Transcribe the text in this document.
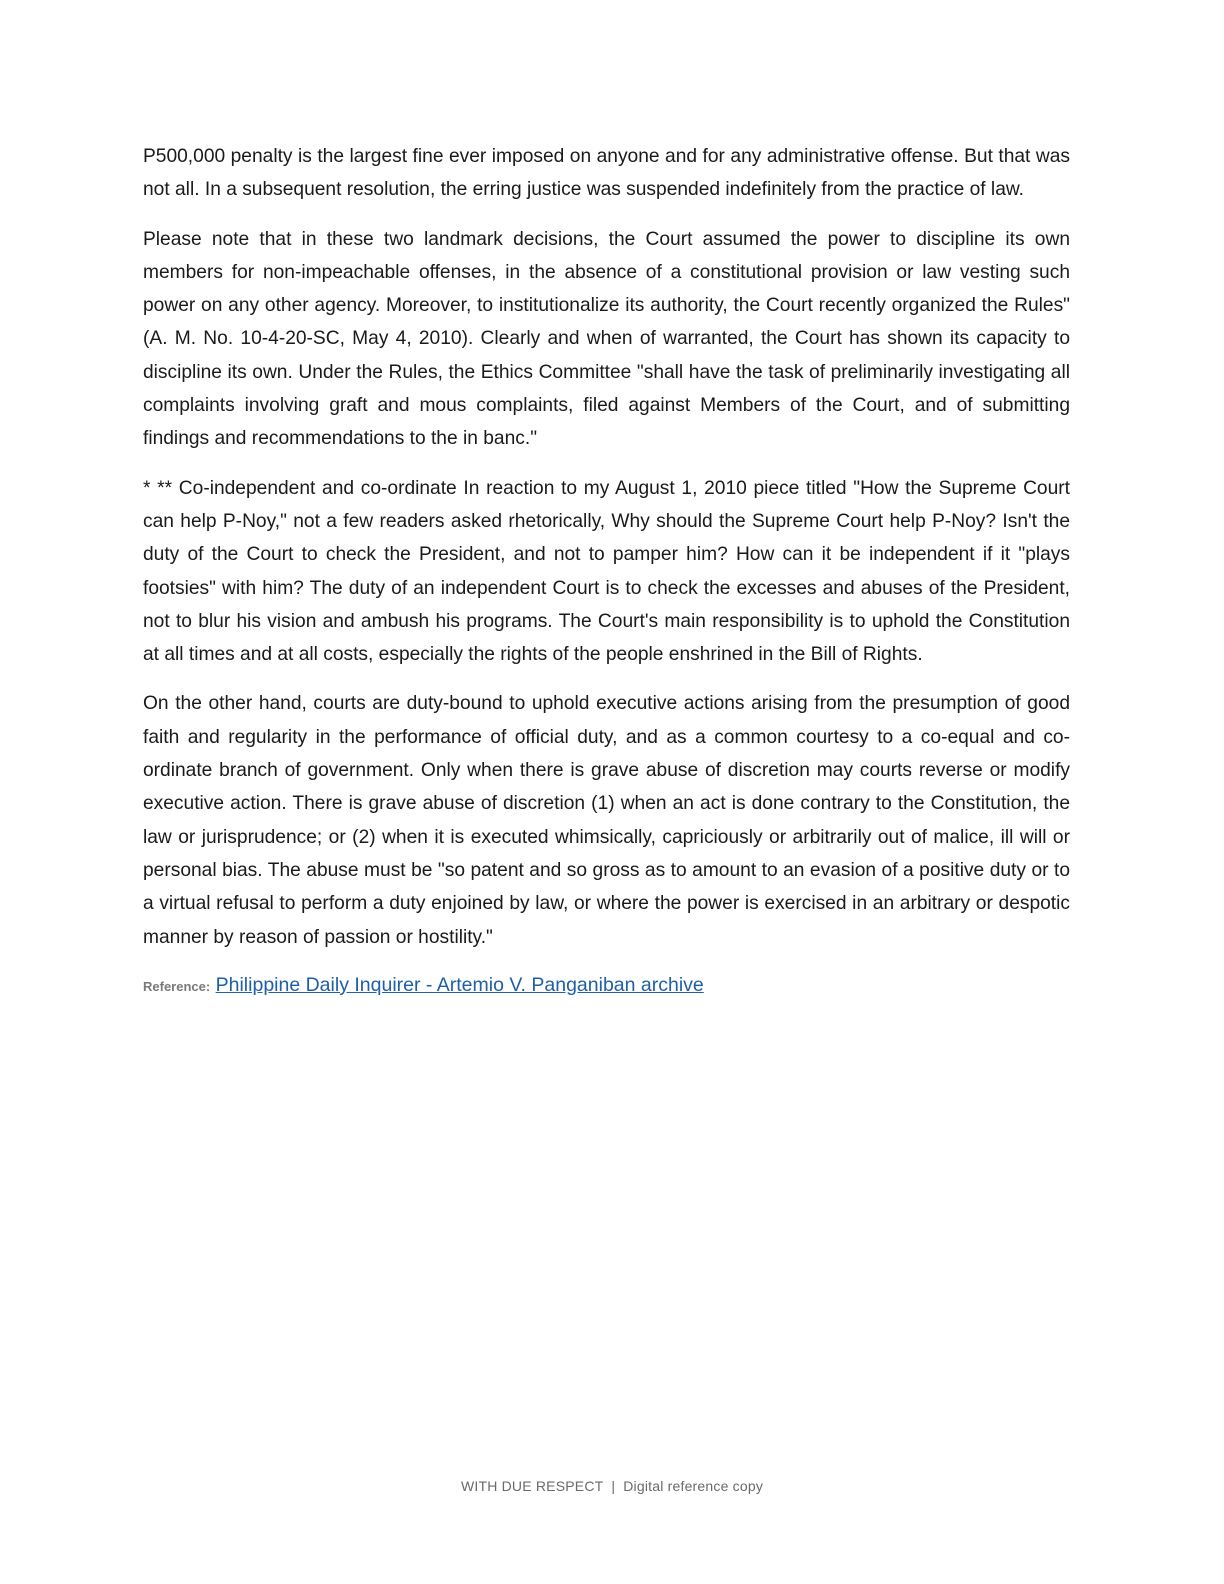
P500,000 penalty is the largest fine ever imposed on anyone and for any administrative offense. But that was not all. In a subsequent resolution, the erring justice was suspended indefinitely from the practice of law.

Please note that in these two landmark decisions, the Court assumed the power to discipline its own members for non-impeachable offenses, in the absence of a constitutional provision or law vesting such power on any other agency. Moreover, to institutionalize its authority, the Court recently organized the Rules" (A. M. No. 10-4-20-SC, May 4, 2010). Clearly and when of warranted, the Court has shown its capacity to discipline its own. Under the Rules, the Ethics Committee "shall have the task of preliminarily investigating all complaints involving graft and mous complaints, filed against Members of the Court, and of submitting findings and recommendations to the in banc."

* ** Co-independent and co-ordinate In reaction to my August 1, 2010 piece titled "How the Supreme Court can help P-Noy," not a few readers asked rhetorically, Why should the Supreme Court help P-Noy? Isn't the duty of the Court to check the President, and not to pamper him? How can it be independent if it "plays footsies" with him? The duty of an independent Court is to check the excesses and abuses of the President, not to blur his vision and ambush his programs. The Court's main responsibility is to uphold the Constitution at all times and at all costs, especially the rights of the people enshrined in the Bill of Rights.

On the other hand, courts are duty-bound to uphold executive actions arising from the presumption of good faith and regularity in the performance of official duty, and as a common courtesy to a co-equal and co-ordinate branch of government. Only when there is grave abuse of discretion may courts reverse or modify executive action. There is grave abuse of discretion (1) when an act is done contrary to the Constitution, the law or jurisprudence; or (2) when it is executed whimsically, capriciously or arbitrarily out of malice, ill will or personal bias. The abuse must be "so patent and so gross as to amount to an evasion of a positive duty or to a virtual refusal to perform a duty enjoined by law, or where the power is exercised in an arbitrary or despotic manner by reason of passion or hostility."

Reference: Philippine Daily Inquirer - Artemio V. Panganiban archive
WITH DUE RESPECT | Digital reference copy
